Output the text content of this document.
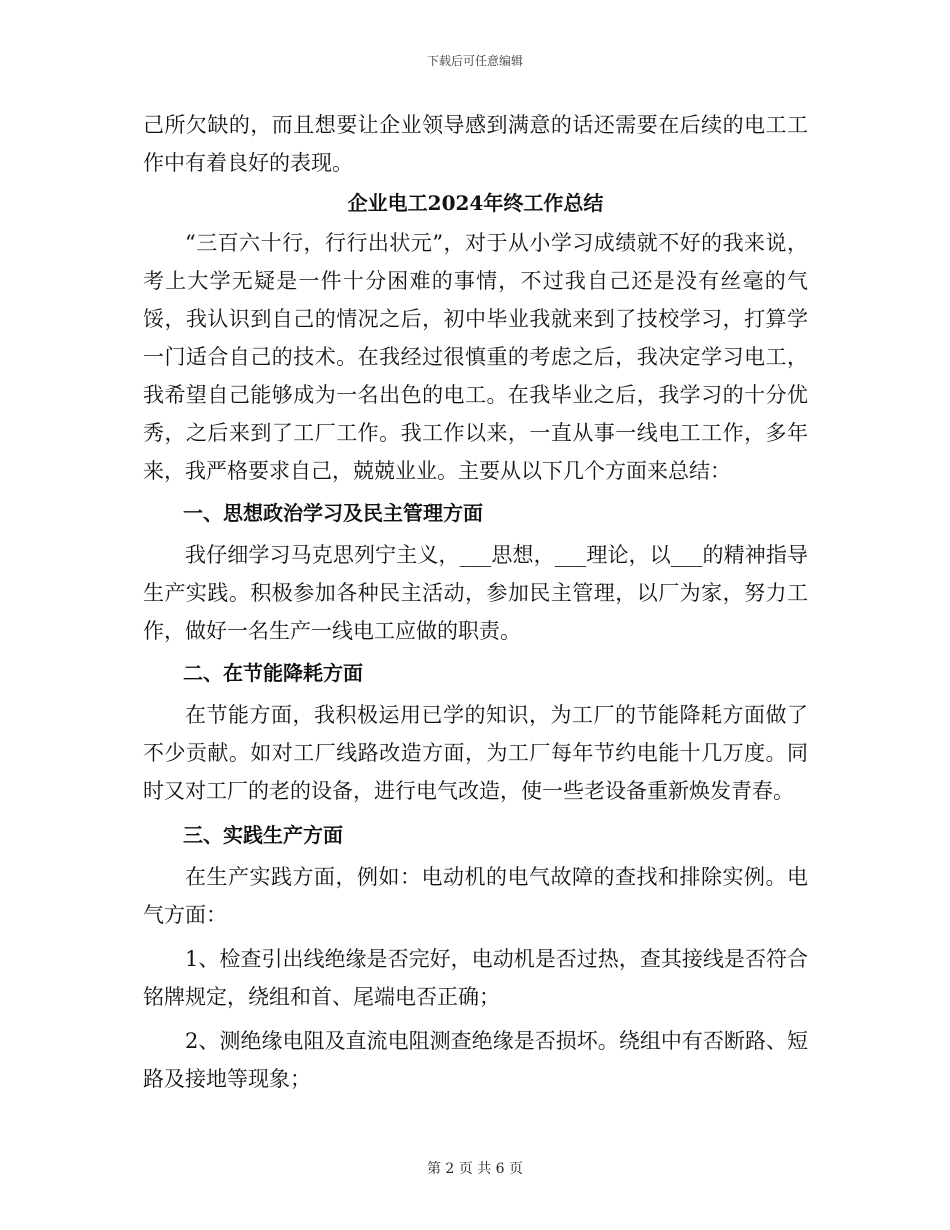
下载后可任意编辑

己所欠缺的，而且想要让企业领导感到满意的话还需要在后续的电工工作中有着良好的表现。

企业电工2024年终工作总结

“三百六十行，行行出状元”，对于从小学习成绩就不好的我来说，考上大学无疑是一件十分困难的事情，不过我自己还是没有丝毫的气馁，我认识到自己的情况之后，初中毕业我就来到了技校学习，打算学一门适合自己的技术。在我经过很慎重的考虑之后，我决定学习电工，我希望自己能够成为一名出色的电工。在我毕业之后，我学习的十分优秀，之后来到了工厂工作。我工作以来，一直从事一线电工工作，多年来，我严格要求自己，兢兢业业。主要从以下几个方面来总结：

一、思想政治学习及民主管理方面

我仔细学习马克思列宁主义，___思想，___理论，以___的精神指导生产实践。积极参加各种民主活动，参加民主管理，以厂为家，努力工作，做好一名生产一线电工应做的职责。

二、在节能降耗方面

在节能方面，我积极运用已学的知识，为工厂的节能降耗方面做了不少贡献。如对工厂线路改造方面，为工厂每年节约电能十几万度。同时又对工厂的老的设备，进行电气改造，使一些老设备重新焕发青春。

三、实践生产方面

在生产实践方面，例如：电动机的电气故障的查找和排除实例。电气方面：

1、检查引出线绝缘是否完好，电动机是否过热，查其接线是否符合铭牌规定，绕组和首、尾端电否正确；

2、测绝缘电阻及直流电阻测查绝缘是否损坏。绕组中有否断路、短路及接地等现象；

第 2 页 共 6 页
